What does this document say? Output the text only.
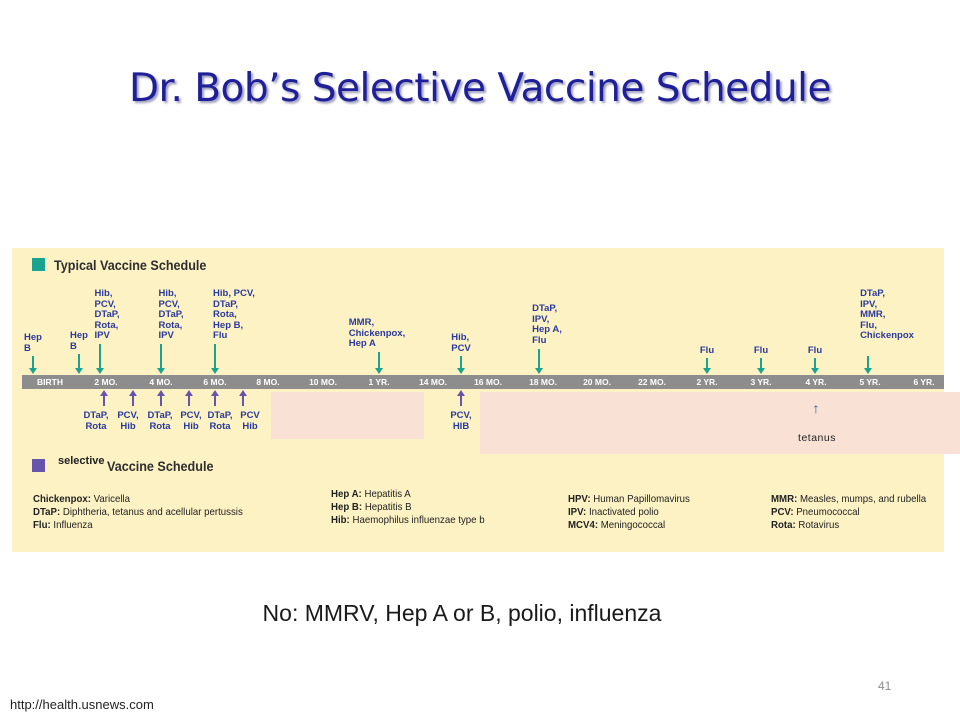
Dr. Bob’s Selective Vaccine Schedule
Typical Vaccine Schedule
BIRTH	2 MO.	4 MO.	6 MO.	8 MO.	10 MO.	1 YR.	14 MO.	16 MO.	18 MO.	20 MO.	22 MO.	2 YR.	3 YR.	4 YR.	5 YR.	6 YR.
Hep
B
Hep
B
Hib,
PCV,
DTaP,
Rota,
IPV
Hib,
PCV,
DTaP,
Rota,
IPV
Hib, PCV,
DTaP,
Rota,
Hep B,
Flu
MMR,
Chickenpox,
Hep A
Hib,
PCV
DTaP,
IPV,
Hep A,
Flu
Flu	Flu	Flu
DTaP,
IPV,
MMR,
Flu,
Chickenpox
DTaP,
Rota
PCV,
Hib
DTaP,
Rota
PCV,
Hib
DTaP,
Rota
PCV
Hib
PCV,
HIB
↑
tetanus
Vaccine Schedule
selective
Chickenpox: Varicella
DTaP: Diphtheria, tetanus and acellular pertussis
Flu: Influenza
Hep A: Hepatitis A
Hep B: Hepatitis B
Hib: Haemophilus influenzae type b
HPV: Human Papillomavirus
IPV: Inactivated polio
MCV4: Meningococcal
MMR: Measles, mumps, and rubella
PCV: Pneumococcal
Rota: Rotavirus
No: MMRV, Hep A or B, polio, influenza
41
http://health.usnews.com
